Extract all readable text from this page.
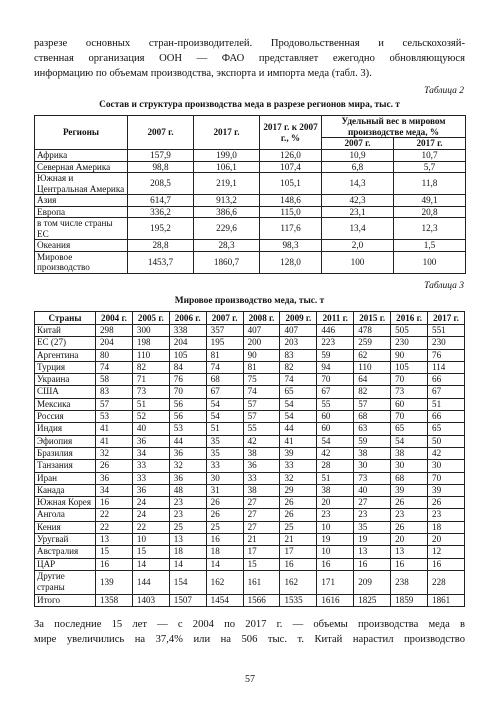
разрезе основных стран-производителей. Продовольственная и сельскохозяй-
ственная организация ООН — ФАО представляет ежегодно обновляющуюся
информацию по объемам производства, экспорта и импорта меда (табл. 3).
Таблица 2
Состав и структура производства меда в разрезе регионов мира, тыс. т
Регионы	2007 г.	2017 г.	2017 г. к 2007 г., %	Удельный вес в мировом производстве меда, %	
				2007 г.	2017 г.
Африка	157,9	199,0	126,0	10,9	10,7
Северная Америка	98,8	106,1	107,4	6,8	5,7
Южная и Центральная Америка	208,5	219,1	105,1	14,3	11,8
Азия	614,7	913,2	148,6	42,3	49,1
Европа	336,2	386,6	115,0	23,1	20,8
в том числе страны ЕС	195,2	229,6	117,6	13,4	12,3
Океания	28,8	28,3	98,3	2,0	1,5
Мировое производство	1453,7	1860,7	128,0	100	100
Таблица 3
Мировое производство меда, тыс. т
Страны	2004 г.	2005 г.	2006 г.	2007 г.	2008 г.	2009 г.	2011 г.	2015 г.	2016 г.	2017 г.
Китай	298	300	338	357	407	407	446	478	505	551
ЕС (27)	204	198	204	195	200	203	223	259	230	230
Аргентина	80	110	105	81	90	83	59	62	90	76
Турция	74	82	84	74	81	82	94	110	105	114
Украина	58	71	76	68	75	74	70	64	70	66
США	83	73	70	67	74	65	67	82	73	67
Мексика	57	51	56	54	57	54	55	57	60	51
Россия	53	52	56	54	57	54	60	68	70	66
Индия	41	40	53	51	55	44	60	63	65	65
Эфиопия	41	36	44	35	42	41	54	59	54	50
Бразилия	32	34	36	35	38	39	42	38	38	42
Танзания	26	33	32	33	36	33	28	30	30	30
Иран	36	33	36	30	33	32	51	73	68	70
Канада	34	36	48	31	38	29	38	40	39	39
Южная Корея	16	24	23	26	27	26	20	27	26	26
Ангола	22	24	23	26	27	26	23	23	23	23
Кения	22	22	25	25	27	25	10	35	26	18
Уругвай	13	10	13	16	21	21	19	19	20	20
Австралия	15	15	18	18	17	17	10	13	13	12
ЦАР	16	14	14	14	15	16	16	16	16	16
Другие страны	139	144	154	162	161	162	171	209	238	228
Итого	1358	1403	1507	1454	1566	1535	1616	1825	1859	1861
За последние 15 лет — с 2004 по 2017 г. — объемы производства меда в
мире увеличились на 37,4% или на 506 тыс. т. Китай нарастил производство
57
